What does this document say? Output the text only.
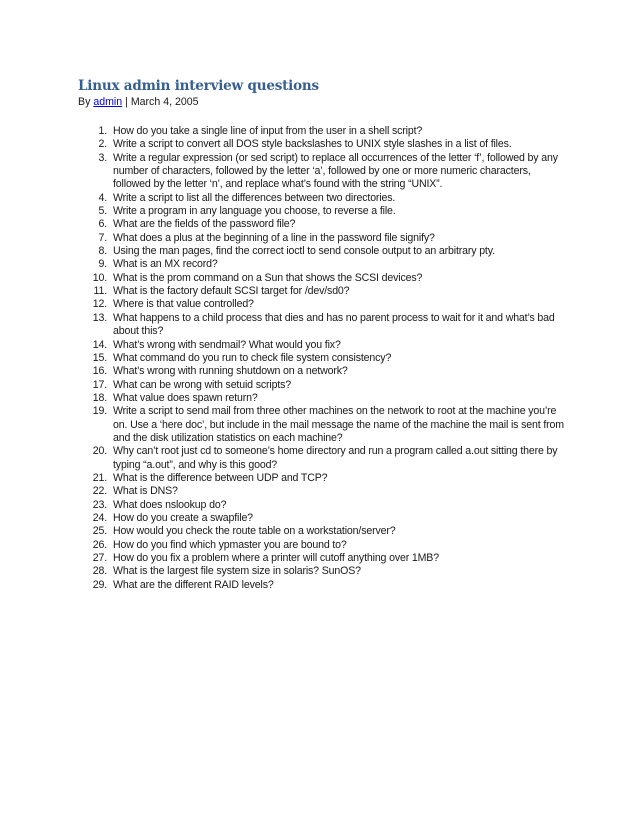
Linux admin interview questions
By admin | March 4, 2005
1. How do you take a single line of input from the user in a shell script?
2. Write a script to convert all DOS style backslashes to UNIX style slashes in a list of files.
3. Write a regular expression (or sed script) to replace all occurrences of the letter ‘f’, followed by any number of characters, followed by the letter ‘a’, followed by one or more numeric characters, followed by the letter ‘n’, and replace what’s found with the string “UNIX”.
4. Write a script to list all the differences between two directories.
5. Write a program in any language you choose, to reverse a file.
6. What are the fields of the password file?
7. What does a plus at the beginning of a line in the password file signify?
8. Using the man pages, find the correct ioctl to send console output to an arbitrary pty.
9. What is an MX record?
10. What is the prom command on a Sun that shows the SCSI devices?
11. What is the factory default SCSI target for /dev/sd0?
12. Where is that value controlled?
13. What happens to a child process that dies and has no parent process to wait for it and what’s bad about this?
14. What’s wrong with sendmail? What would you fix?
15. What command do you run to check file system consistency?
16. What’s wrong with running shutdown on a network?
17. What can be wrong with setuid scripts?
18. What value does spawn return?
19. Write a script to send mail from three other machines on the network to root at the machine you’re on. Use a ‘here doc’, but include in the mail message the name of the machine the mail is sent from and the disk utilization statistics on each machine?
20. Why can’t root just cd to someone’s home directory and run a program called a.out sitting there by typing “a.out”, and why is this good?
21. What is the difference between UDP and TCP?
22. What is DNS?
23. What does nslookup do?
24. How do you create a swapfile?
25. How would you check the route table on a workstation/server?
26. How do you find which ypmaster you are bound to?
27. How do you fix a problem where a printer will cutoff anything over 1MB?
28. What is the largest file system size in solaris? SunOS?
29. What are the different RAID levels?
